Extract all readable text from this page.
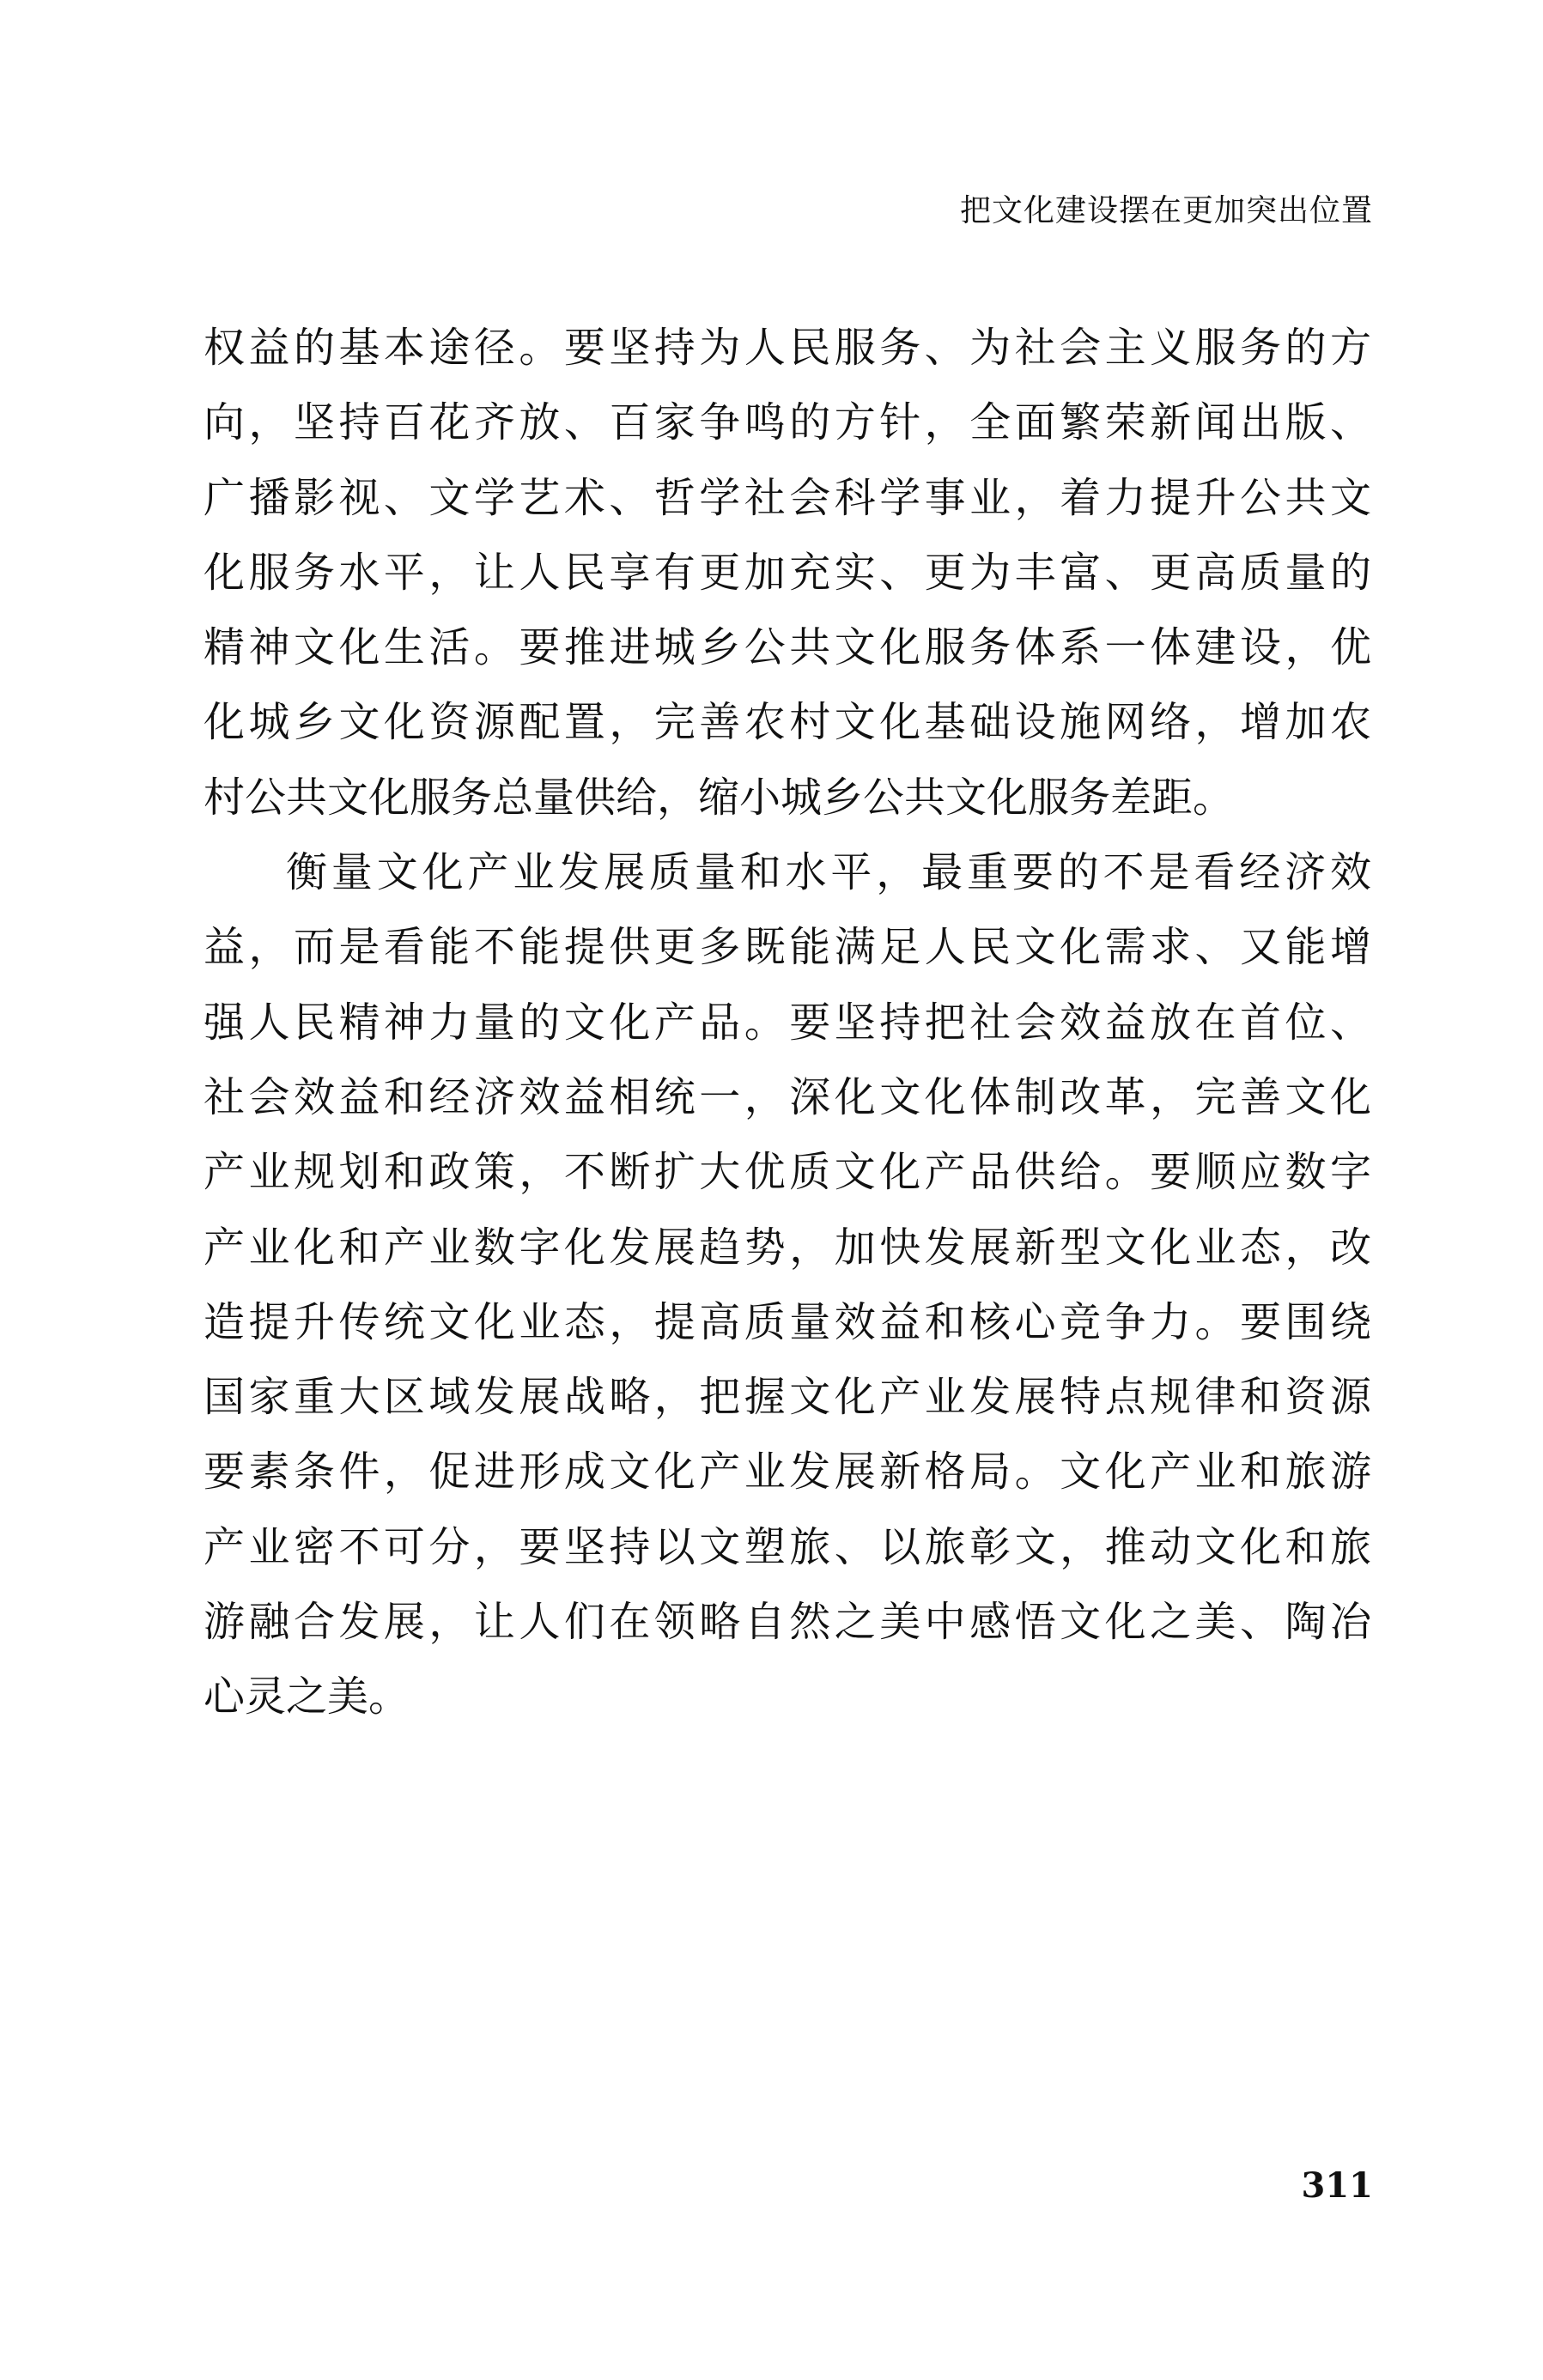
把文化建设摆在更加突出位置
权益的基本途径。要坚持为人民服务、为社会主义服务的方
向，坚持百花齐放、百家争鸣的方针，全面繁荣新闻出版、
广播影视、文学艺术、哲学社会科学事业，着力提升公共文
化服务水平，让人民享有更加充实、更为丰富、更高质量的
精神文化生活。要推进城乡公共文化服务体系一体建设，优
化城乡文化资源配置，完善农村文化基础设施网络，增加农
村公共文化服务总量供给，缩小城乡公共文化服务差距。
衡量文化产业发展质量和水平，最重要的不是看经济效
益，而是看能不能提供更多既能满足人民文化需求、又能增
强人民精神力量的文化产品。要坚持把社会效益放在首位、
社会效益和经济效益相统一，深化文化体制改革，完善文化
产业规划和政策，不断扩大优质文化产品供给。要顺应数字
产业化和产业数字化发展趋势，加快发展新型文化业态，改
造提升传统文化业态，提高质量效益和核心竞争力。要围绕
国家重大区域发展战略，把握文化产业发展特点规律和资源
要素条件，促进形成文化产业发展新格局。文化产业和旅游
产业密不可分，要坚持以文塑旅、以旅彰文，推动文化和旅
游融合发展，让人们在领略自然之美中感悟文化之美、陶冶
心灵之美。
311
